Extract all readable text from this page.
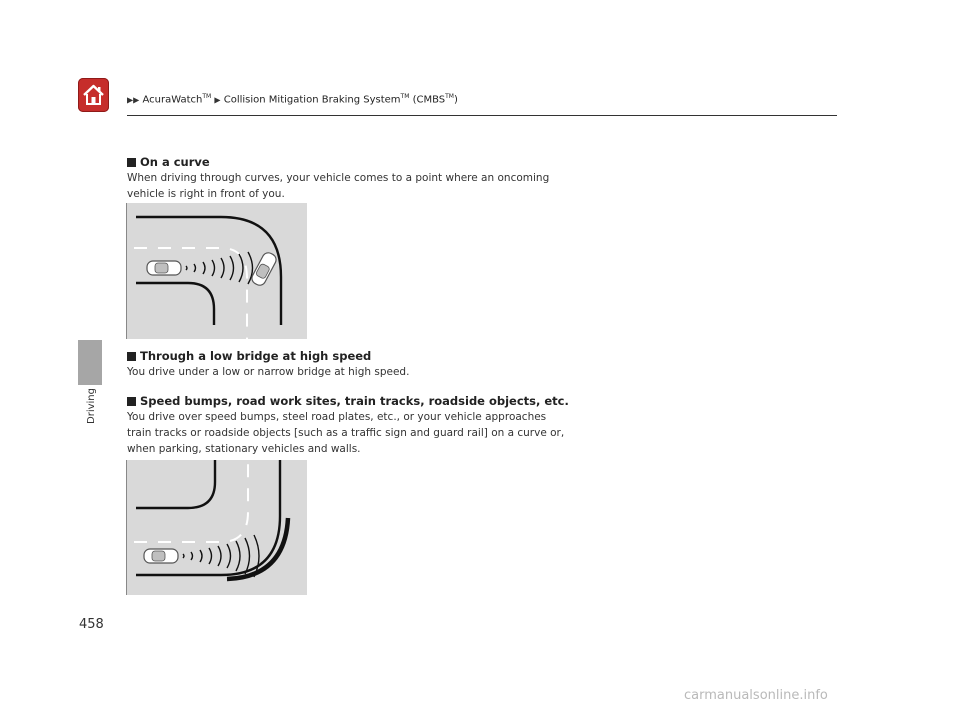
▶▶ AcuraWatch™ ▶ Collision Mitigation Braking System™ (CMBS™)
Driving
On a curve
When driving through curves, your vehicle comes to a point where an oncoming vehicle is right in front of you.
Through a low bridge at high speed
You drive under a low or narrow bridge at high speed.
Speed bumps, road work sites, train tracks, roadside objects, etc.
You drive over speed bumps, steel road plates, etc., or your vehicle approaches train tracks or roadside objects [such as a traffic sign and guard rail] on a curve or, when parking, stationary vehicles and walls.
458
carmanualsonline.info
